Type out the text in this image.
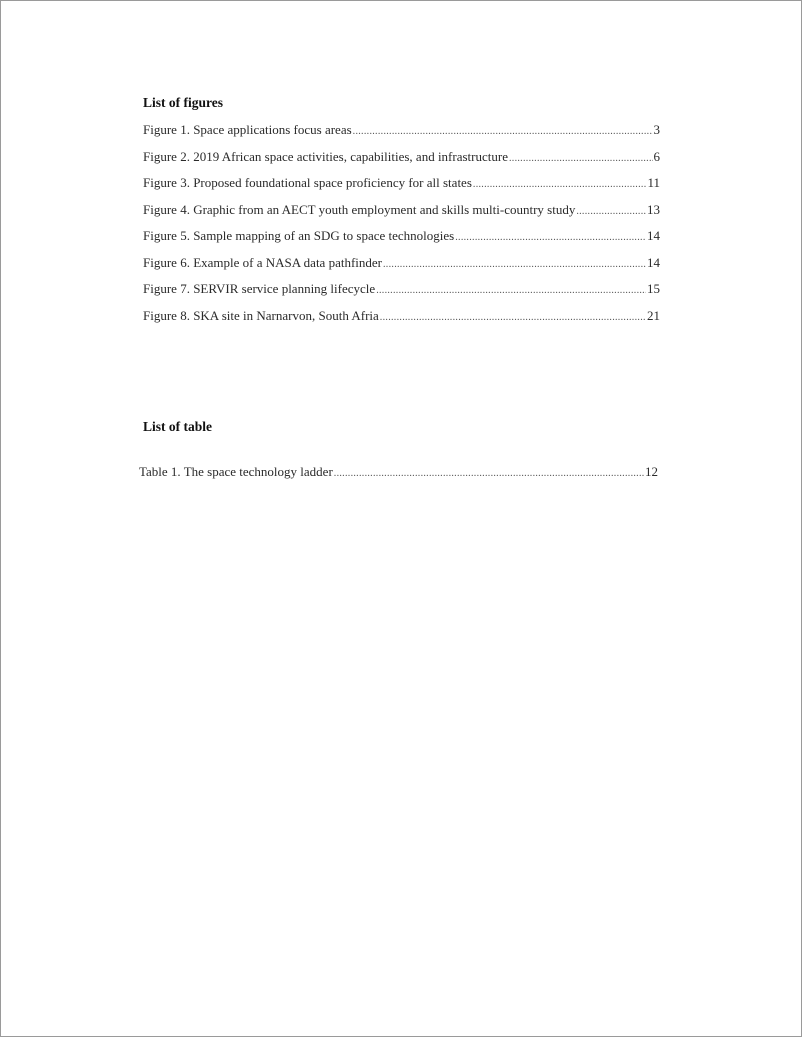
List of figures
Figure 1. Space applications focus areas .....	3
Figure 2. 2019 African space activities, capabilities, and infrastructure .....	6
Figure 3. Proposed foundational space proficiency for all states .....	11
Figure 4. Graphic from an AECT youth employment and skills multi-country study .....	13
Figure 5. Sample mapping of an SDG to space technologies .....	14
Figure 6. Example of a NASA data pathfinder .....	14
Figure 7. SERVIR service planning lifecycle .....	15
Figure 8. SKA site in Narnarvon, South Afria .....	21
List of table
Table 1. The space technology ladder .....	12
